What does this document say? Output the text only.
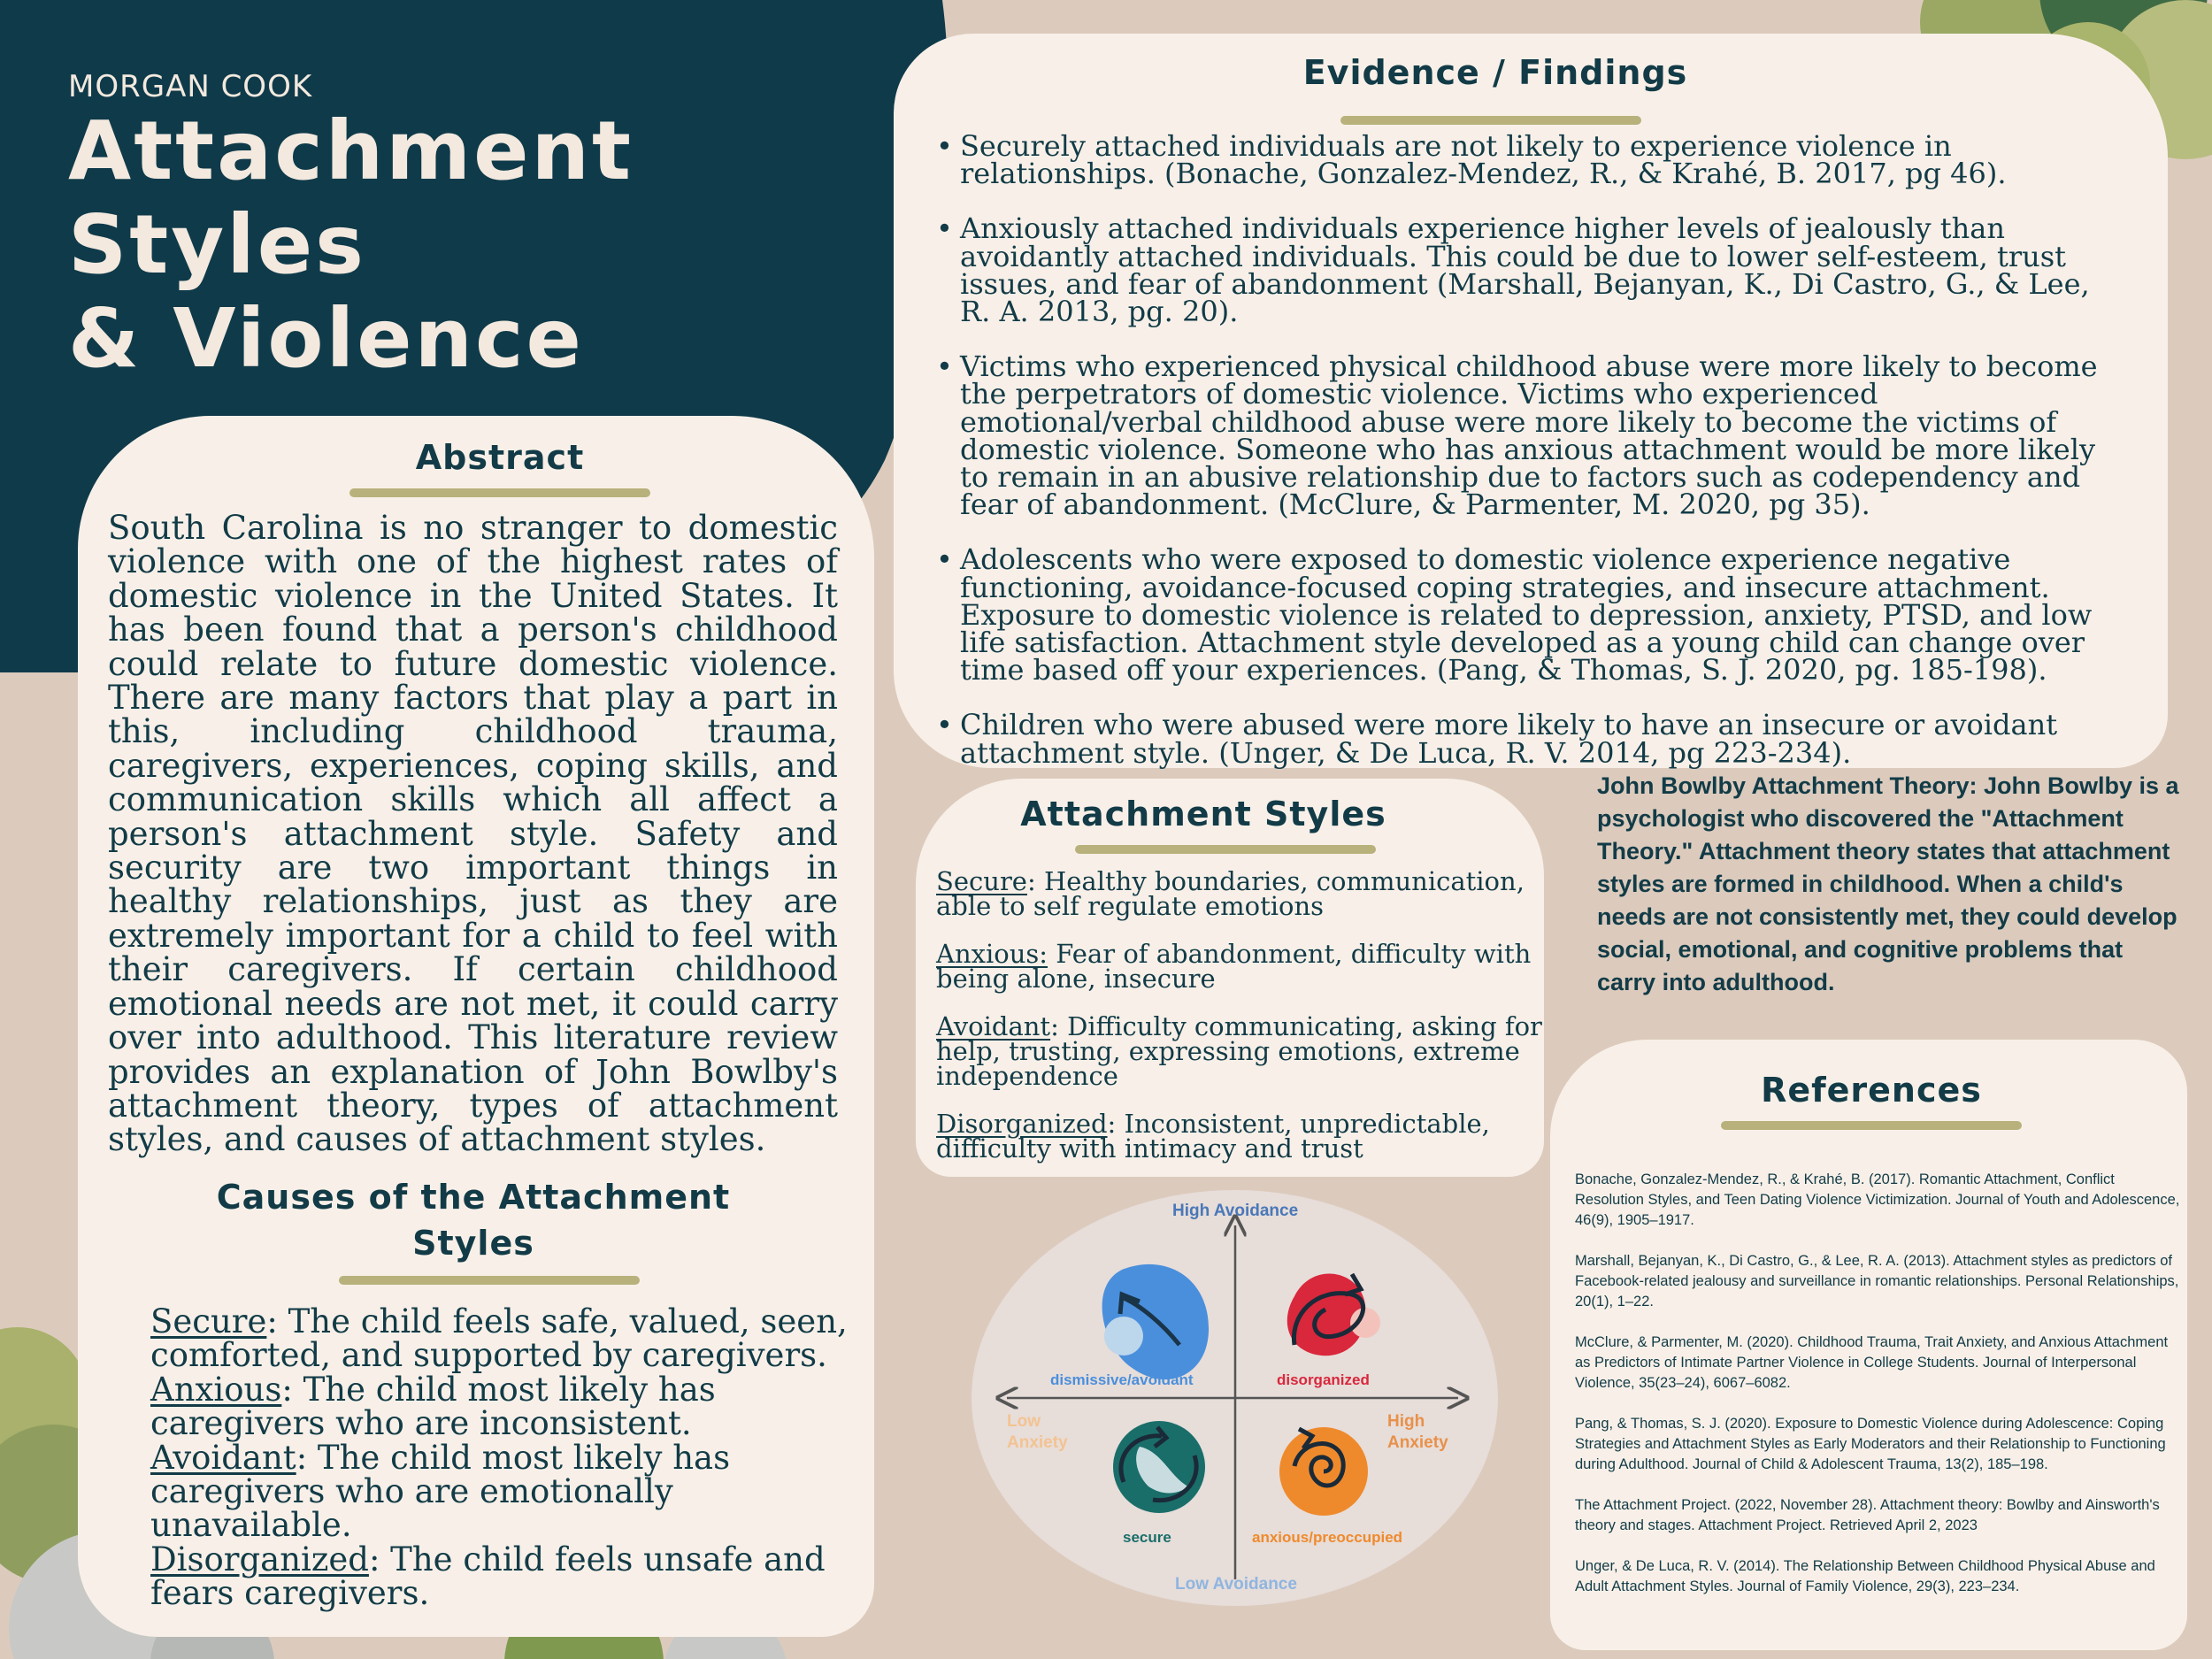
MORGAN COOK
Attachment Styles
& Violence
Abstract
South Carolina is no stranger to domestic violence with one of the highest rates of domestic violence in the United States. It has been found that a person's childhood could relate to future domestic violence. There are many factors that play a part in this, including childhood trauma, caregivers, experiences, coping skills, and communication skills which all affect a person's attachment style. Safety and security are two important things in healthy relationships, just as they are extremely important for a child to feel with their caregivers. If certain childhood emotional needs are not met, it could carry over into adulthood. This literature review provides an explanation of John Bowlby's attachment theory, types of attachment styles, and causes of attachment styles.
Causes of the Attachment
Styles

Secure: The child feels safe, valued, seen, comforted, and supported by caregivers.

Anxious: The child most likely has caregivers who are inconsistent.

Avoidant: The child most likely has caregivers who are emotionally unavailable.

Disorganized: The child feels unsafe and fears caregivers.

Evidence / Findings
• Securely attached individuals are not likely to experience violence in relationships. (Bonache, Gonzalez-Mendez, R., & Krahé, B. 2017, pg 46).
• Anxiously attached individuals experience higher levels of jealously than avoidantly attached individuals. This could be due to lower self-esteem, trust issues, and fear of abandonment (Marshall, Bejanyan, K., Di Castro, G., & Lee, R. A. 2013, pg. 20).
• Victims who experienced physical childhood abuse were more likely to become the perpetrators of domestic violence. Victims who experienced emotional/verbal childhood abuse were more likely to become the victims of domestic violence. Someone who has anxious attachment would be more likely to remain in an abusive relationship due to factors such as codependency and fear of abandonment. (McClure, & Parmenter, M. 2020, pg 35).
• Adolescents who were exposed to domestic violence experience negative functioning, avoidance-focused coping strategies, and insecure attachment. Exposure to domestic violence is related to depression, anxiety, PTSD, and low life satisfaction. Attachment style developed as a young child can change over time based off your experiences. (Pang, & Thomas, S. J. 2020, pg. 185-198).
• Children who were abused were more likely to have an insecure or avoidant attachment style. (Unger, & De Luca, R. V. 2014, pg 223-234).
Attachment Styles
Secure: Healthy boundaries, communication, able to self regulate emotions
Anxious: Fear of abandonment, difficulty with being alone, insecure
Avoidant: Difficulty communicating, asking for help, trusting, expressing emotions, extreme independence
Disorganized: Inconsistent, unpredictable, difficulty with intimacy and trust
John Bowlby Attachment Theory: John Bowlby is a psychologist who discovered the "Attachment Theory." Attachment theory states that attachment styles are formed in childhood. When a child's needs are not consistently met, they could develop social, emotional, and cognitive problems that carry into adulthood.
High Avoidance
Low Avoidance
Low Anxiety
High Anxiety
dismissive/avoidant	disorganized
secure	anxious/preoccupied
References

Bonache, Gonzalez-Mendez, R., & Krahé, B. (2017). Romantic Attachment, Conflict Resolution Styles, and Teen Dating Violence Victimization. Journal of Youth and Adolescence, 46(9), 1905–1917.

Marshall, Bejanyan, K., Di Castro, G., & Lee, R. A. (2013). Attachment styles as predictors of Facebook-related jealousy and surveillance in romantic relationships. Personal Relationships, 20(1), 1–22.

McClure, & Parmenter, M. (2020). Childhood Trauma, Trait Anxiety, and Anxious Attachment as Predictors of Intimate Partner Violence in College Students. Journal of Interpersonal Violence, 35(23–24), 6067–6082.

Pang, & Thomas, S. J. (2020). Exposure to Domestic Violence during Adolescence: Coping Strategies and Attachment Styles as Early Moderators and their Relationship to Functioning during Adulthood. Journal of Child & Adolescent Trauma, 13(2), 185–198.

The Attachment Project. (2022, November 28). Attachment theory: Bowlby and Ainsworth's theory and stages. Attachment Project. Retrieved April 2, 2023

Unger, & De Luca, R. V. (2014). The Relationship Between Childhood Physical Abuse and Adult Attachment Styles. Journal of Family Violence, 29(3), 223–234.
